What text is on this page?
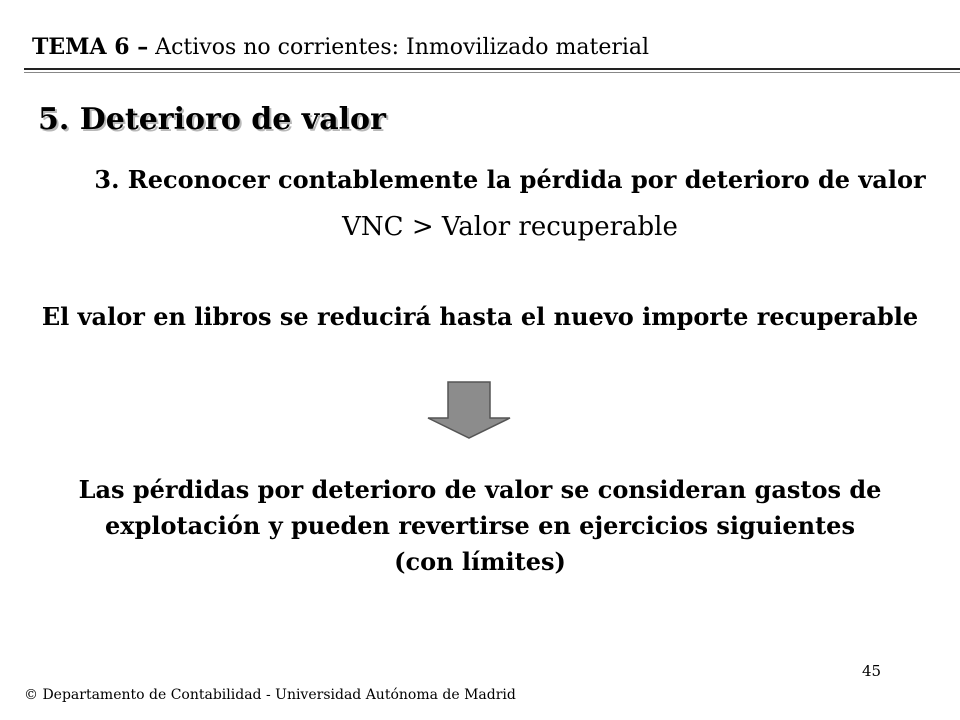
TEMA 6 – Activos no corrientes: Inmovilizado material
5. Deterioro de valor
3. Reconocer contablemente la pérdida por deterioro de valor
VNC > Valor recuperable
El valor en libros se reducirá hasta el nuevo importe recuperable
Las pérdidas por deterioro de valor se consideran gastos de
explotación y pueden revertirse en ejercicios siguientes
(con límites)
45
© Departamento de Contabilidad - Universidad Autónoma de Madrid
